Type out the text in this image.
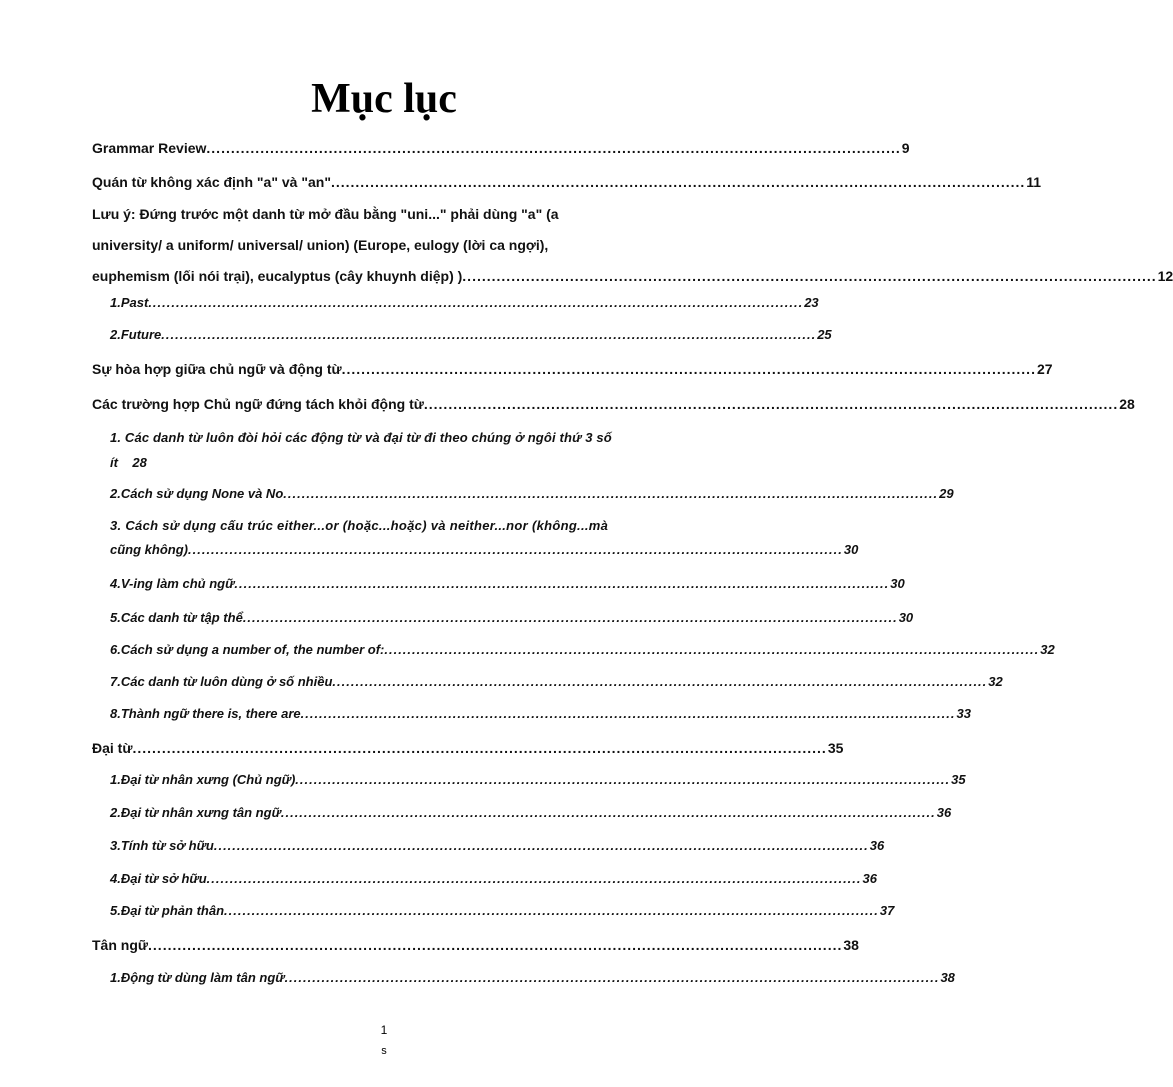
Mục lục
Grammar Review .............................................................................................................................................. 9
Quán từ không xác định "a" và "an" .............................................................................................................................................. 11
Lưu ý: Đứng trước một danh từ mở đầu bằng "uni..." phải dùng "a" (a
university/ a uniform/ universal/ union) (Europe, eulogy (lời ca ngợi),
euphemism (lối nói trại), eucalyptus (cây khuynh diệp) ) .............................................................................................................................................. 12
1. Past .............................................................................................................................................. 23
2. Future .............................................................................................................................................. 25
Sự hòa hợp giữa chủ ngữ và động từ .............................................................................................................................................. 27
Các trường hợp Chủ ngữ đứng tách khỏi động từ .............................................................................................................................................. 28
1. Các danh từ luôn đòi hỏi các động từ và đại từ đi theo chúng ở ngôi thứ 3 số
ít    28
2. Cách sử dụng None và No .............................................................................................................................................. 29
3. Cách sử dụng cấu trúc either...or (hoặc...hoặc) và neither...nor (không...mà
cũng không) .............................................................................................................................................. 30
4. V-ing làm chủ ngữ .............................................................................................................................................. 30
5. Các danh từ tập thể .............................................................................................................................................. 30
6. Cách sử dụng a number of, the number of: .............................................................................................................................................. 32
7. Các danh từ luôn dùng ở số nhiều .............................................................................................................................................. 32
8. Thành ngữ there is, there are .............................................................................................................................................. 33
Đại từ .............................................................................................................................................. 35
1. Đại từ nhân xưng (Chủ ngữ) .............................................................................................................................................. 35
2. Đại từ nhân xưng tân ngữ .............................................................................................................................................. 36
3. Tính từ sở hữu .............................................................................................................................................. 36
4. Đại từ sở hữu .............................................................................................................................................. 36
5. Đại từ phản thân .............................................................................................................................................. 37
Tân ngữ .............................................................................................................................................. 38
1. Động từ dùng làm tân ngữ .............................................................................................................................................. 38
1
s
